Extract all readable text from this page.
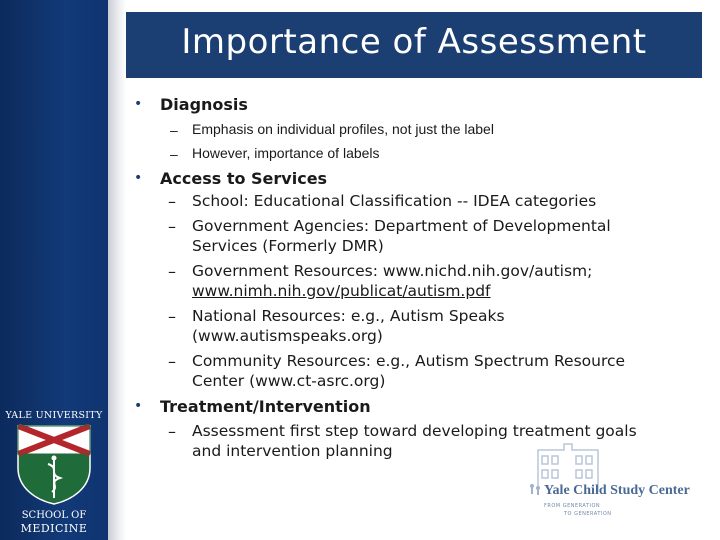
YALE UNIVERSITY
SCHOOL OF
MEDICINE
Importance of Assessment
• Diagnosis
– Emphasis on individual profiles, not just the label
– However, importance of labels
• Access to Services
– School: Educational Classification -- IDEA categories
– Government Agencies: Department of Developmental
Services (Formerly DMR)
– Government Resources: www.nichd.nih.gov/autism;
www.nimh.nih.gov/publicat/autism.pdf
– National Resources: e.g., Autism Speaks
(www.autismspeaks.org)
– Community Resources: e.g., Autism Spectrum Resource
Center (www.ct-asrc.org)
• Treatment/Intervention
– Assessment first step toward developing treatment goals
and intervention planning
Yale Child Study Center
FROM GENERATION
TO GENERATION
